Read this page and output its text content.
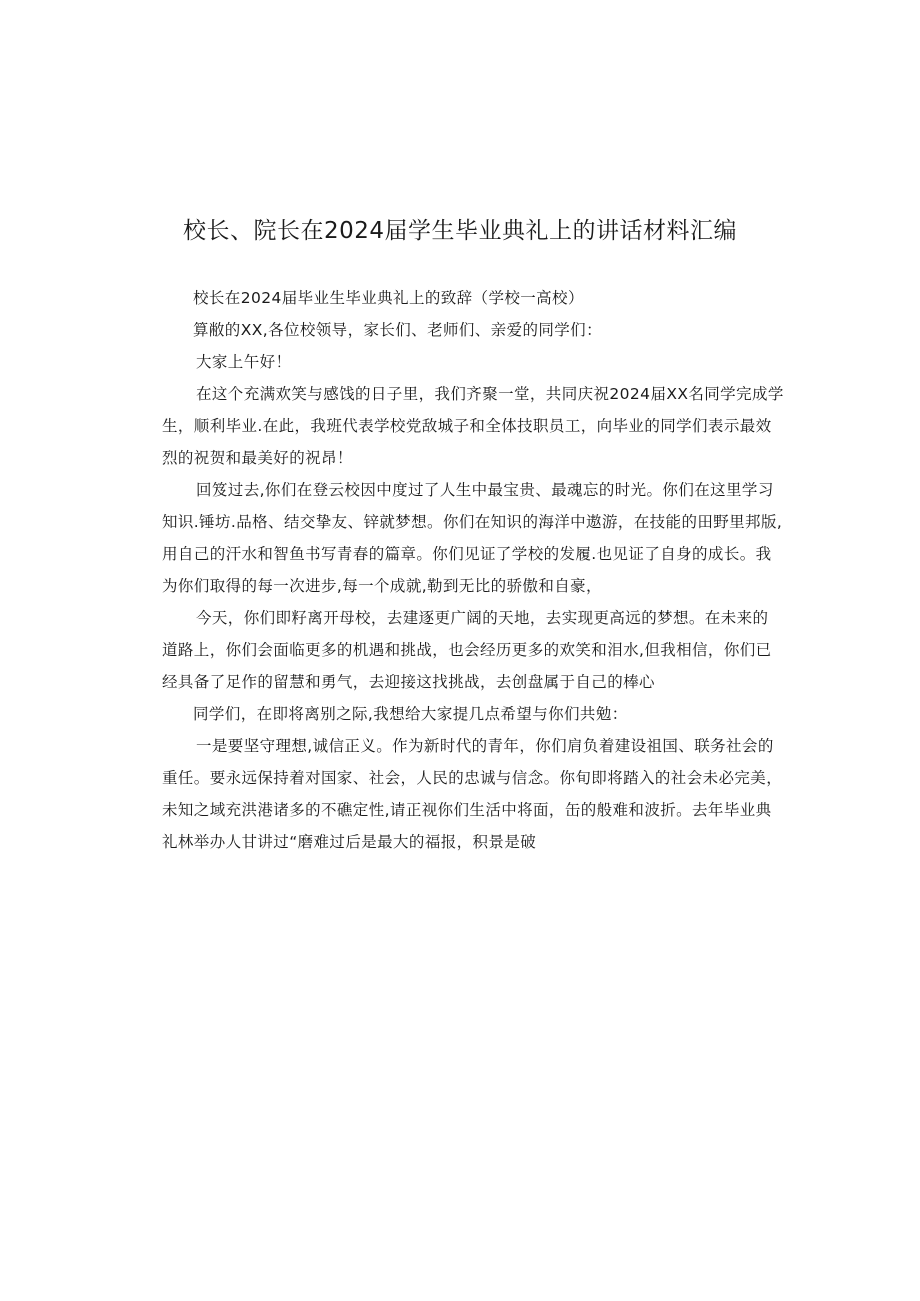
校长、院长在2024届学生毕业典礼上的讲话材料汇编
校长在2024届毕业生毕业典礼上的致辞（学校一高校）
算敝的XX,各位校领导，家长们、老师们、亲爱的同学们：
大家上午好！
在这个充满欢笑与感饯的日子里，我们齐聚一堂，共同庆祝2024届XX名同学完成学
生，顺利毕业.在此，我班代表学校党敌城子和全体技职员工，向毕业的同学们表示最效
烈的祝贺和最美好的祝昂！
回笈过去,你们在登云校因中度过了人生中最宝贵、最魂忘的时光。你们在这里学习
知识.锤坊.品格、结交挚友、锌就梦想。你们在知识的海洋中遨游，在技能的田野里邦版,
用自己的汗水和智鱼书写青春的篇章。你们见证了学校的发履.也见证了自身的成长。我
为你们取得的每一次进步,每一个成就,勒到无比的骄傲和自豪，
今天，你们即籽离开母校，去建逐更广阔的天地，去实现更高远的梦想。在未来的
道路上，你们会面临更多的机遇和挑战，也会经历更多的欢笑和泪水,但我相信，你们已
经具备了足作的留慧和勇气，去迎接这找挑战，去创盘属于自己的棒心
同学们，在即将离别之际,我想给大家提几点希望与你们共勉：
一是要坚守理想,诚信正义。作为新时代的青年，你们肩负着建设祖国、联务社会的
重任。要永远保持着对国家、社会，人民的忠诚与信念。你旬即将踏入的社会未必完美，
未知之域充洪港诸多的不礁定性,请正视你们生活中将面，缶的般难和波折。去年毕业典
礼林举办人甘讲过“磨难过后是最大的福报，积景是破
